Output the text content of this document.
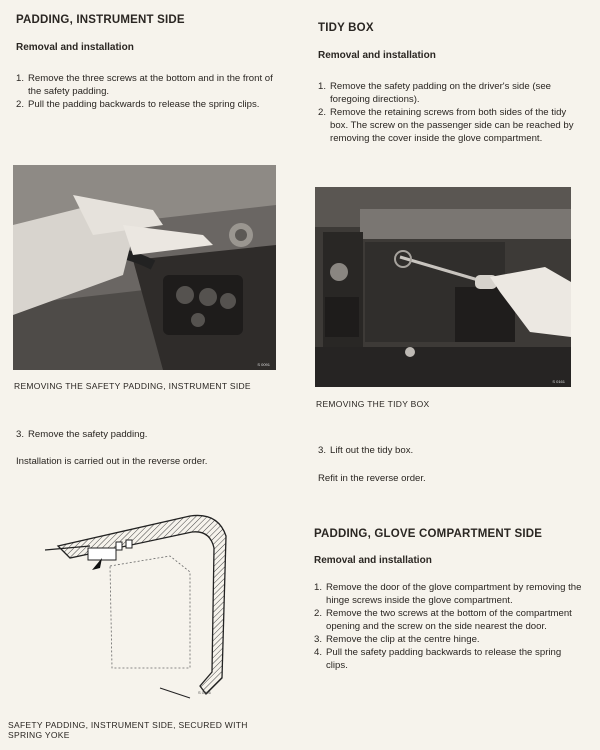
PADDING, INSTRUMENT SIDE
Removal and installation
1. Remove the three screws at the bottom and in the front of the safety padding.
2. Pull the padding backwards to release the spring clips.
S 0091
REMOVING THE SAFETY PADDING, INSTRUMENT SIDE
3. Remove the safety padding.
Installation is carried out in the reverse order.
S 0926
SAFETY PADDING, INSTRUMENT SIDE, SECURED WITH SPRING YOKE
TIDY BOX
Removal and installation
1. Remove the safety padding on the driver's side (see foregoing directions).
2. Remove the retaining screws from both sides of the tidy box. The screw on the passenger side can be reached by removing the cover inside the glove compartment.
S 0161
REMOVING THE TIDY BOX
3. Lift out the tidy box.
Refit in the reverse order.
PADDING, GLOVE COMPARTMENT SIDE
Removal and installation
1. Remove the door of the glove compartment by removing the hinge screws inside the glove compartment.
2. Remove the two screws at the bottom of the compartment opening and the screw on the side nearest the door.
3. Remove the clip at the centre hinge.
4. Pull the safety padding backwards to release the spring clips.
